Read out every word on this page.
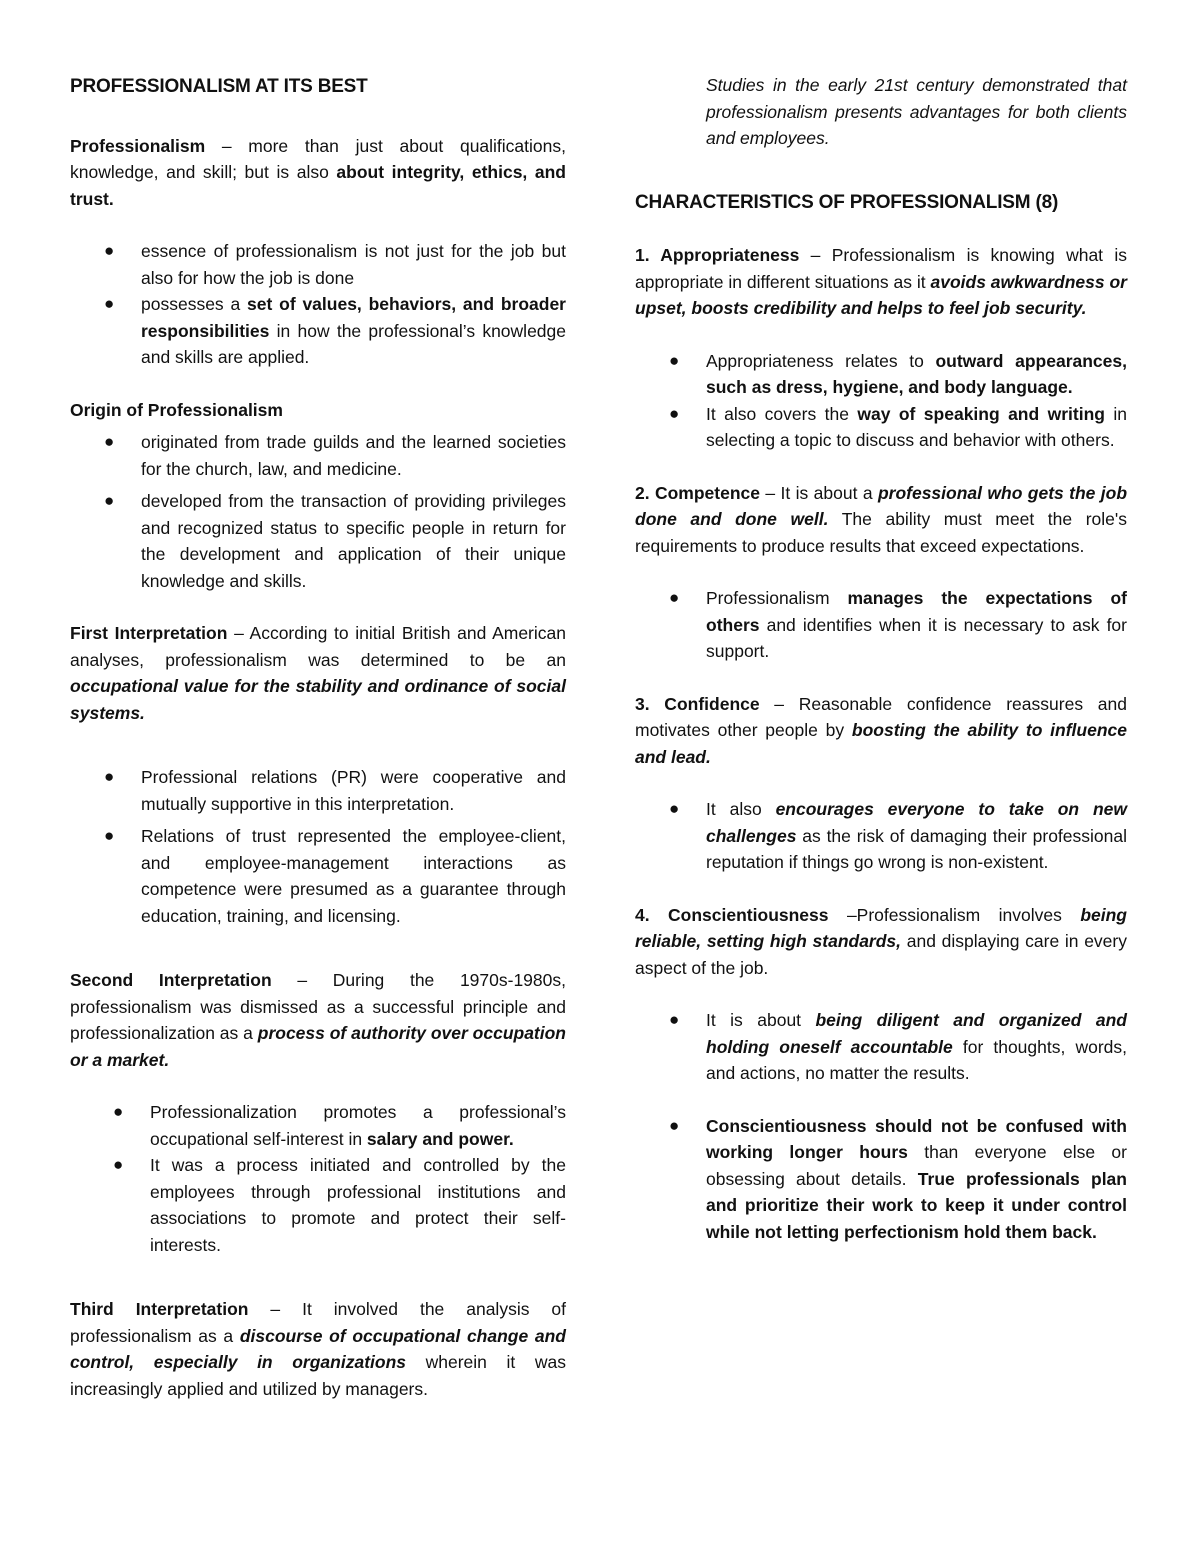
PROFESSIONALISM AT ITS BEST

Professionalism – more than just about qualifications, knowledge, and skill; but is also about integrity, ethics, and trust.

● essence of professionalism is not just for the job but also for how the job is done
● possesses a set of values, behaviors, and broader responsibilities in how the professional’s knowledge and skills are applied.

Origin of Professionalism

● originated from trade guilds and the learned societies for the church, law, and medicine.
● developed from the transaction of providing privileges and recognized status to specific people in return for the development and application of their unique knowledge and skills.

First Interpretation – According to initial British and American analyses, professionalism was determined to be an occupational value for the stability and ordinance of social systems.

● Professional relations (PR) were cooperative and mutually supportive in this interpretation.
● Relations of trust represented the employee-client, and employee-management interactions as competence were presumed as a guarantee through education, training, and licensing.

Second Interpretation – During the 1970s-1980s, professionalism was dismissed as a successful principle and professionalization as a process of authority over occupation or a market.

● Professionalization promotes a professional’s occupational self-interest in salary and power.
● It was a process initiated and controlled by the employees through professional institutions and associations to promote and protect their self-interests.

Third Interpretation – It involved the analysis of professionalism as a discourse of occupational change and control, especially in organizations wherein it was increasingly applied and utilized by managers.

Studies in the early 21st century demonstrated that professionalism presents advantages for both clients and employees.

CHARACTERISTICS OF PROFESSIONALISM (8)

1. Appropriateness – Professionalism is knowing what is appropriate in different situations as it avoids awkwardness or upset, boosts credibility and helps to feel job security.

● Appropriateness relates to outward appearances, such as dress, hygiene, and body language.
● It also covers the way of speaking and writing in selecting a topic to discuss and behavior with others.

2. Competence – It is about a professional who gets the job done and done well. The ability must meet the role's requirements to produce results that exceed expectations.

● Professionalism manages the expectations of others and identifies when it is necessary to ask for support.

3. Confidence – Reasonable confidence reassures and motivates other people by boosting the ability to influence and lead.

● It also encourages everyone to take on new challenges as the risk of damaging their professional reputation if things go wrong is non-existent.

4. Conscientiousness –Professionalism involves being reliable, setting high standards, and displaying care in every aspect of the job.

● It is about being diligent and organized and holding oneself accountable for thoughts, words, and actions, no matter the results.
● Conscientiousness should not be confused with working longer hours than everyone else or obsessing about details. True professionals plan and prioritize their work to keep it under control while not letting perfectionism hold them back.
